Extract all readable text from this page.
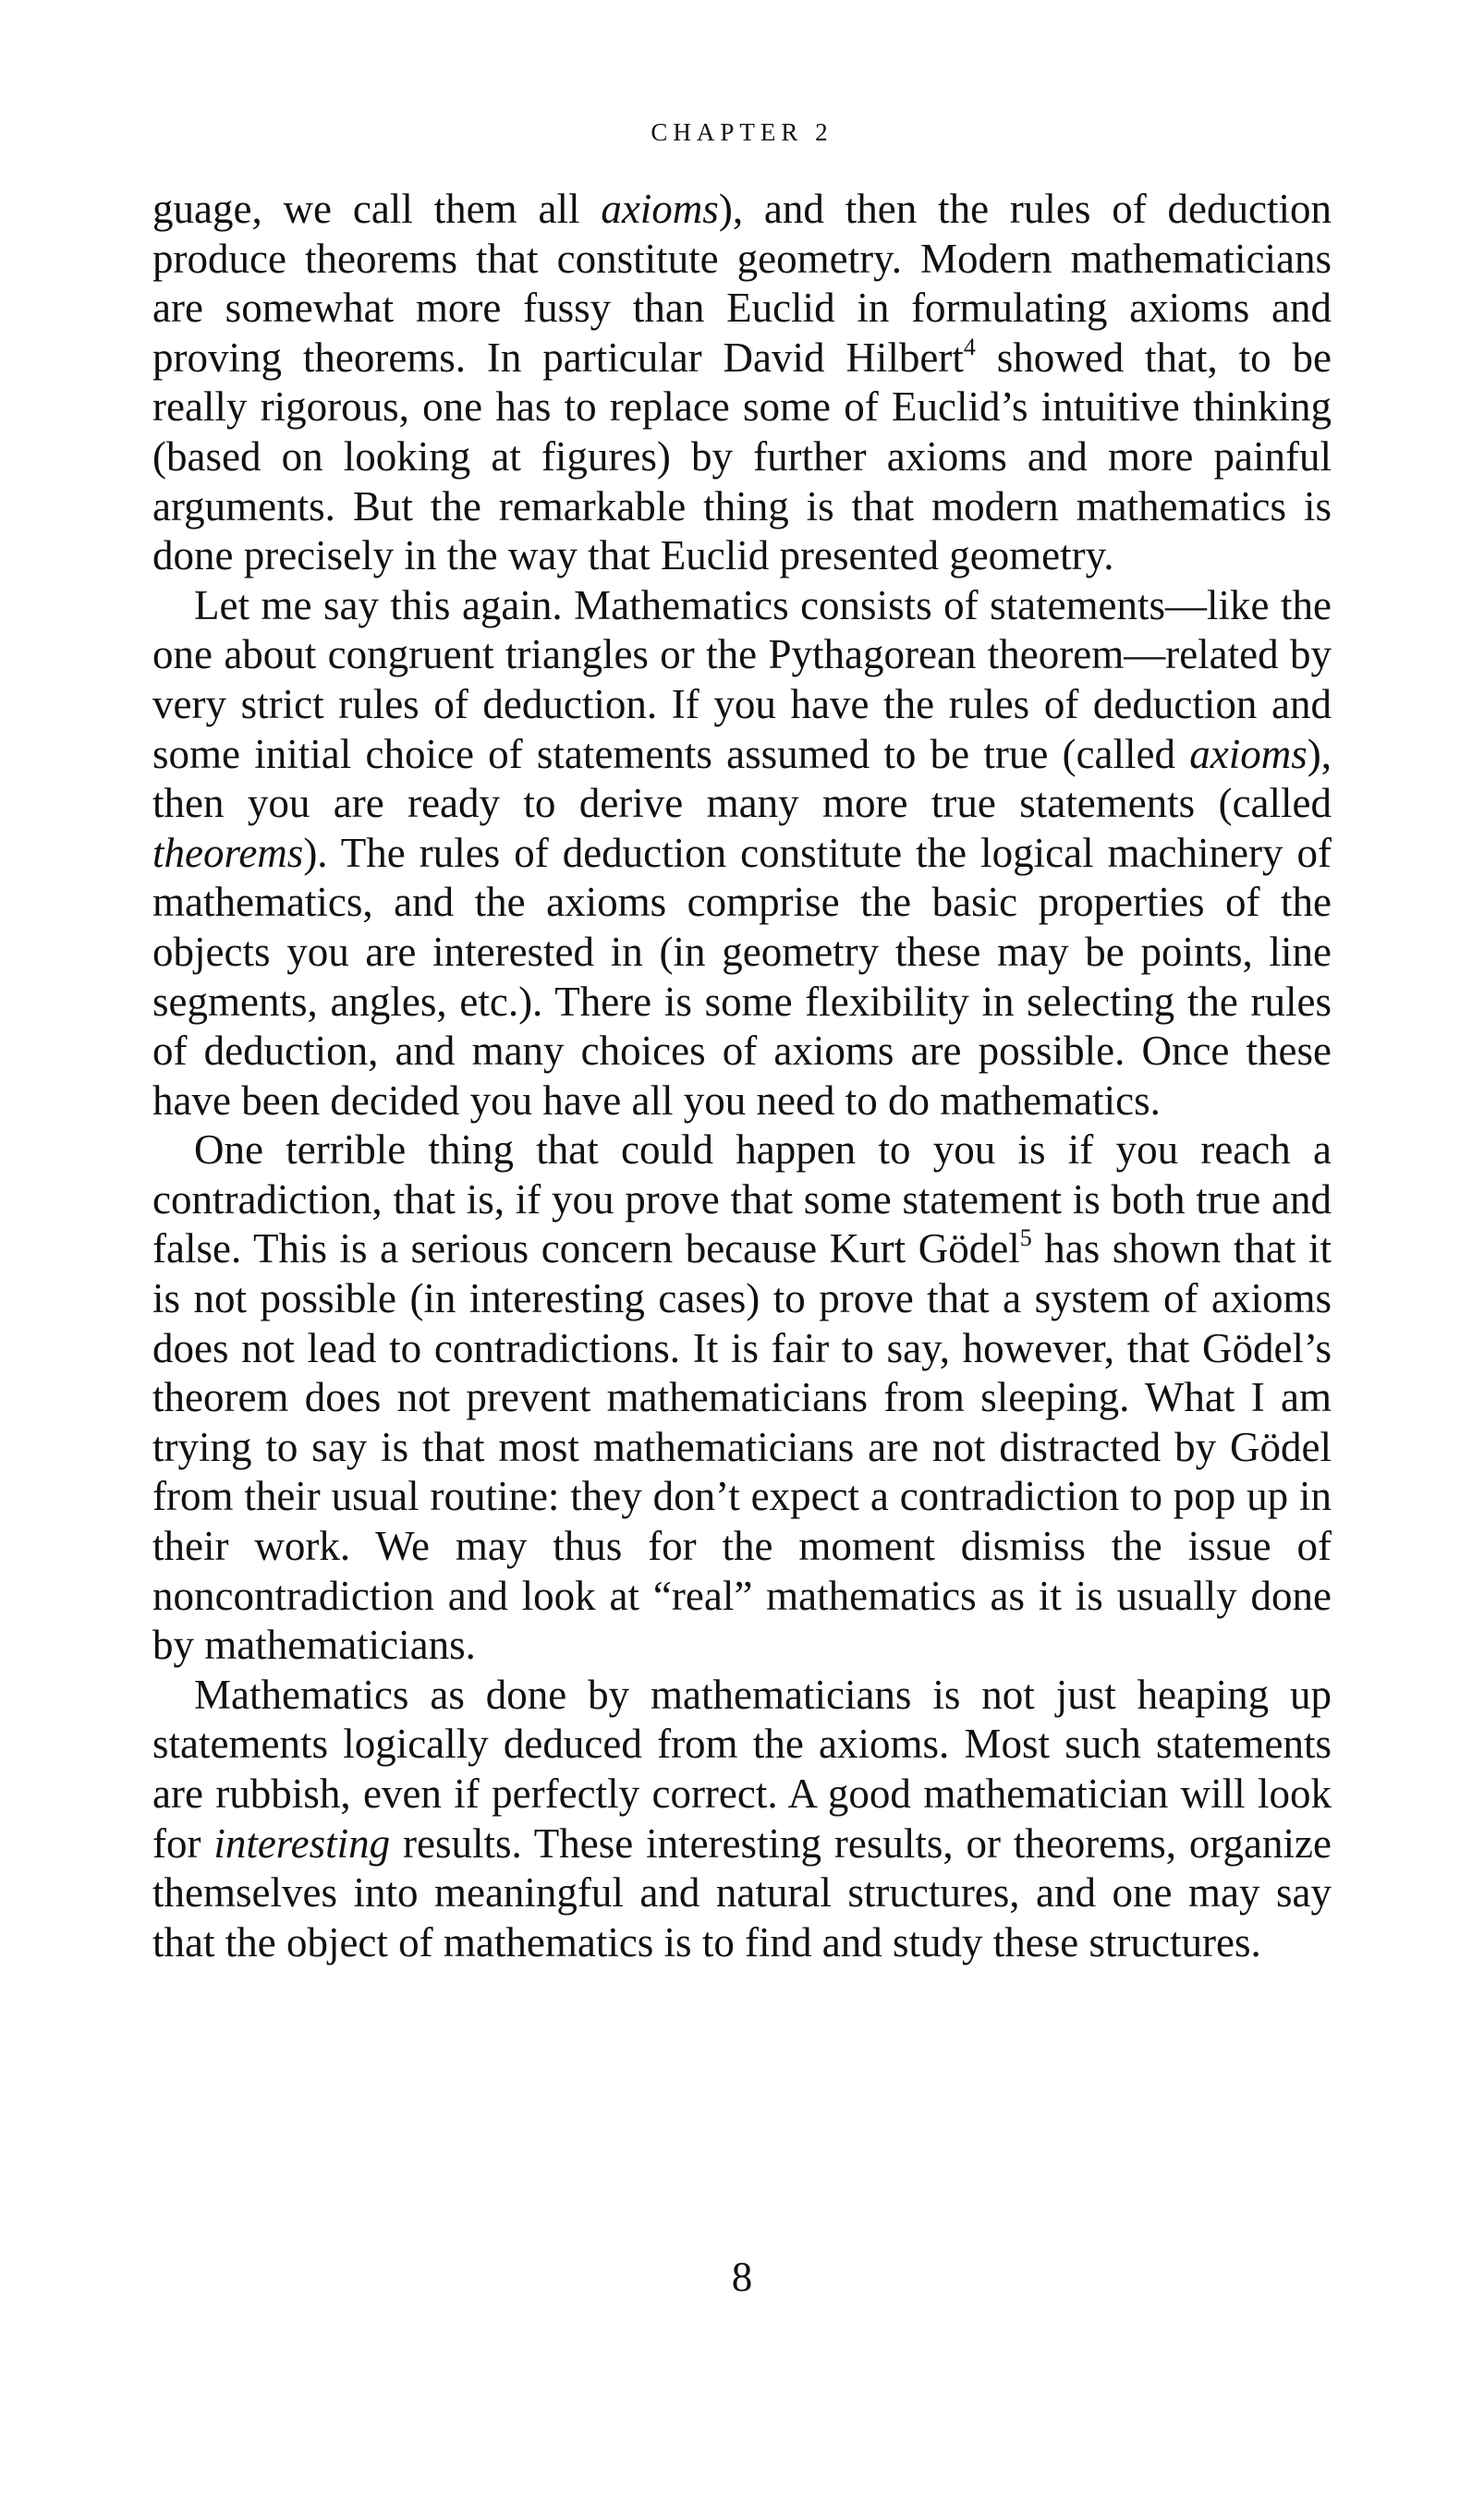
CHAPTER 2

guage, we call them all axioms), and then the rules of deduction produce theorems that constitute geometry. Modern mathematicians are somewhat more fussy than Euclid in formulating axioms and proving theorems. In particular David Hilbert$^4$ showed that, to be really rigorous, one has to replace some of Euclid’s intuitive thinking (based on looking at figures) by further axioms and more painful arguments. But the remarkable thing is that modern mathematics is done precisely in the way that Euclid presented geometry.

Let me say this again. Mathematics consists of statements—like the one about congruent triangles or the Pythagorean theorem—related by very strict rules of deduction. If you have the rules of deduction and some initial choice of statements assumed to be true (called axioms), then you are ready to derive many more true statements (called theorems). The rules of deduction constitute the logical machinery of mathematics, and the axioms comprise the basic properties of the objects you are interested in (in geometry these may be points, line segments, angles, etc.). There is some flexibility in selecting the rules of deduction, and many choices of axioms are possible. Once these have been decided you have all you need to do mathematics.

One terrible thing that could happen to you is if you reach a contradiction, that is, if you prove that some statement is both true and false. This is a serious concern because Kurt Gödel$^5$ has shown that it is not possible (in interesting cases) to prove that a system of axioms does not lead to contradictions. It is fair to say, however, that Gödel’s theorem does not prevent mathematicians from sleeping. What I am trying to say is that most mathematicians are not distracted by Gödel from their usual routine: they don’t expect a contradiction to pop up in their work. We may thus for the moment dismiss the issue of noncontradiction and look at “real” mathematics as it is usually done by mathematicians.

Mathematics as done by mathematicians is not just heaping up statements logically deduced from the axioms. Most such statements are rubbish, even if perfectly correct. A good mathematician will look for interesting results. These interesting results, or theorems, organize themselves into meaningful and natural structures, and one may say that the object of mathematics is to find and study these structures.

8
